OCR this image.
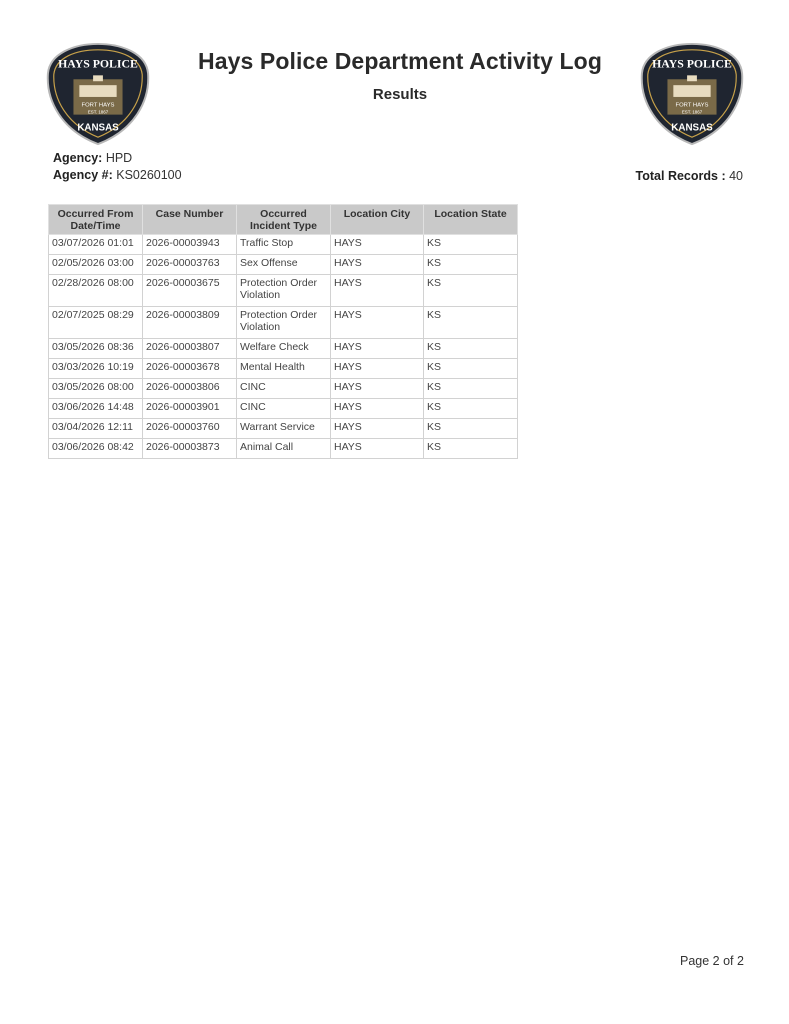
HAYS POLICE
FORT HAYS
EST. 1867
KANSAS
HAYS POLICE
FORT HAYS
EST. 1867
KANSAS
Hays Police Department Activity Log
Results
Agency: HPD
Agency #: KS0260100	Total Records : 40
Occurred From Date/Time	Case Number	Occurred Incident Type	Location City	Location State
03/07/2026 01:01	2026-00003943	Traffic Stop	HAYS	KS
02/05/2026 03:00	2026-00003763	Sex Offense	HAYS	KS
02/28/2026 08:00	2026-00003675	Protection Order Violation	HAYS	KS
02/07/2025 08:29	2026-00003809	Protection Order Violation	HAYS	KS
03/05/2026 08:36	2026-00003807	Welfare Check	HAYS	KS
03/03/2026 10:19	2026-00003678	Mental Health	HAYS	KS
03/05/2026 08:00	2026-00003806	CINC	HAYS	KS
03/06/2026 14:48	2026-00003901	CINC	HAYS	KS
03/04/2026 12:11	2026-00003760	Warrant Service	HAYS	KS
03/06/2026 08:42	2026-00003873	Animal Call	HAYS	KS
Page 2 of 2
